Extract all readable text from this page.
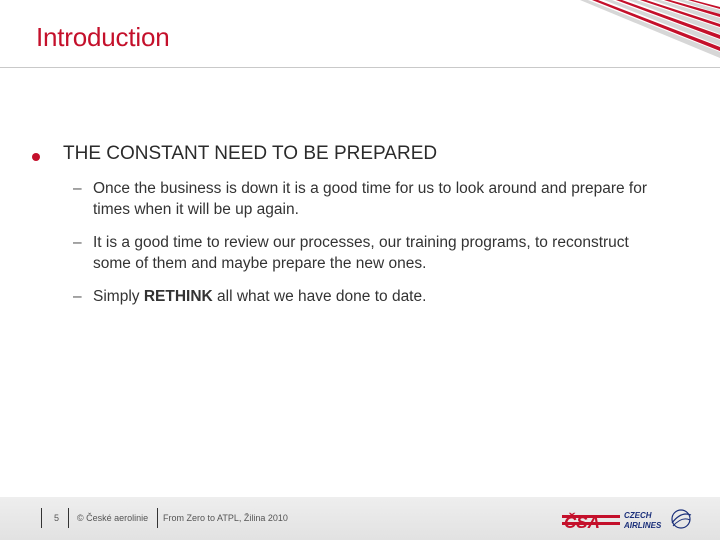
Introduction
THE CONSTANT NEED TO BE PREPARED
– Once the business is down it is a good time for us to look around and prepare for times when it will be up again.
– It is a good time to review our processes, our training programs, to reconstruct some of them and maybe prepare the new ones.
– Simply RETHINK all what we have done to date.
5 © České aerolinie From Zero to ATPL, Žilina 2010	ČSA	CZECH
AIRLINES
